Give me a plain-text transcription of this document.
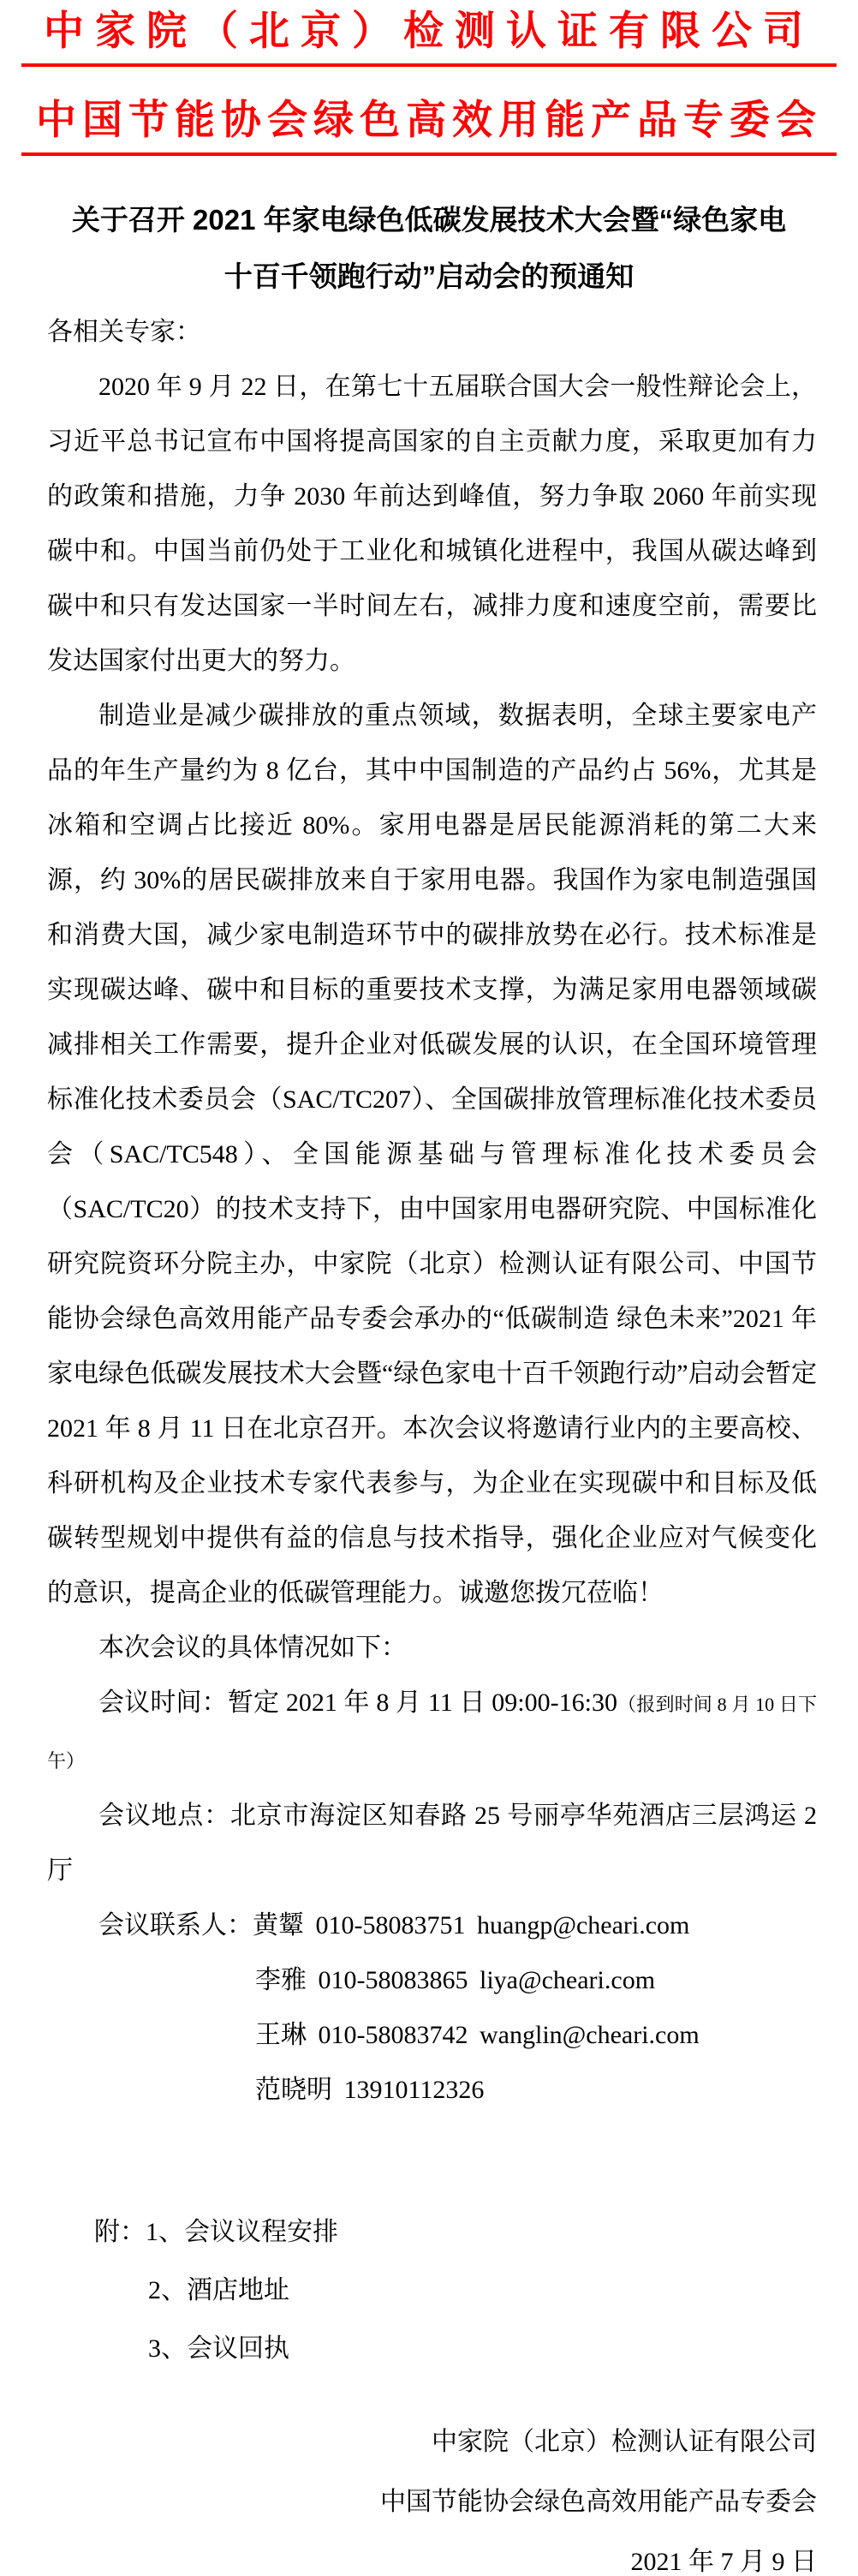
中家院（北京）检测认证有限公司
中国节能协会绿色高效用能产品专委会
关于召开 2021 年家电绿色低碳发展技术大会暨“绿色家电
十百千领跑行动”启动会的预通知

各相关专家：

2020 年 9 月 22 日，在第七十五届联合国大会一般性辩论会上，习近平总书记宣布中国将提高国家的自主贡献力度，采取更加有力的政策和措施，力争 2030 年前达到峰值，努力争取 2060 年前实现碳中和。中国当前仍处于工业化和城镇化进程中，我国从碳达峰到碳中和只有发达国家一半时间左右，减排力度和速度空前，需要比发达国家付出更大的努力。

制造业是减少碳排放的重点领域，数据表明，全球主要家电产品的年生产量约为 8 亿台，其中中国制造的产品约占 56%，尤其是冰箱和空调占比接近 80%。家用电器是居民能源消耗的第二大来源，约 30%的居民碳排放来自于家用电器。我国作为家电制造强国和消费大国，减少家电制造环节中的碳排放势在必行。技术标准是实现碳达峰、碳中和目标的重要技术支撑，为满足家用电器领域碳减排相关工作需要，提升企业对低碳发展的认识，在全国环境管理标准化技术委员会（SAC/TC207）、全国碳排放管理标准化技术委员会（SAC/TC548）、全国能源基础与管理标准化技术委员会（SAC/TC20）的技术支持下，由中国家用电器研究院、中国标准化研究院资环分院主办，中家院（北京）检测认证有限公司、中国节能协会绿色高效用能产品专委会承办的“低碳制造 绿色未来”2021 年家电绿色低碳发展技术大会暨“绿色家电十百千领跑行动”启动会暂定 2021 年 8 月 11 日在北京召开。本次会议将邀请行业内的主要高校、科研机构及企业技术专家代表参与，为企业在实现碳中和目标及低碳转型规划中提供有益的信息与技术指导，强化企业应对气候变化的意识，提高企业的低碳管理能力。诚邀您拨冗莅临！

本次会议的具体情况如下：

会议时间：暂定 2021 年 8 月 11 日 09:00-16:30（报到时间 8 月 10 日下午）

会议地点：北京市海淀区知春路 25 号丽亭华苑酒店三层鸿运 2 厅

会议联系人：黄颦 010-58083751 huangp@cheari.com

李雅 010-58083865 liya@cheari.com

王琳 010-58083742 wanglin@cheari.com

范晓明 13910112326

附：1、会议议程安排
2、酒店地址
3、会议回执
中家院（北京）检测认证有限公司
中国节能协会绿色高效用能产品专委会
2021 年 7 月 9 日
